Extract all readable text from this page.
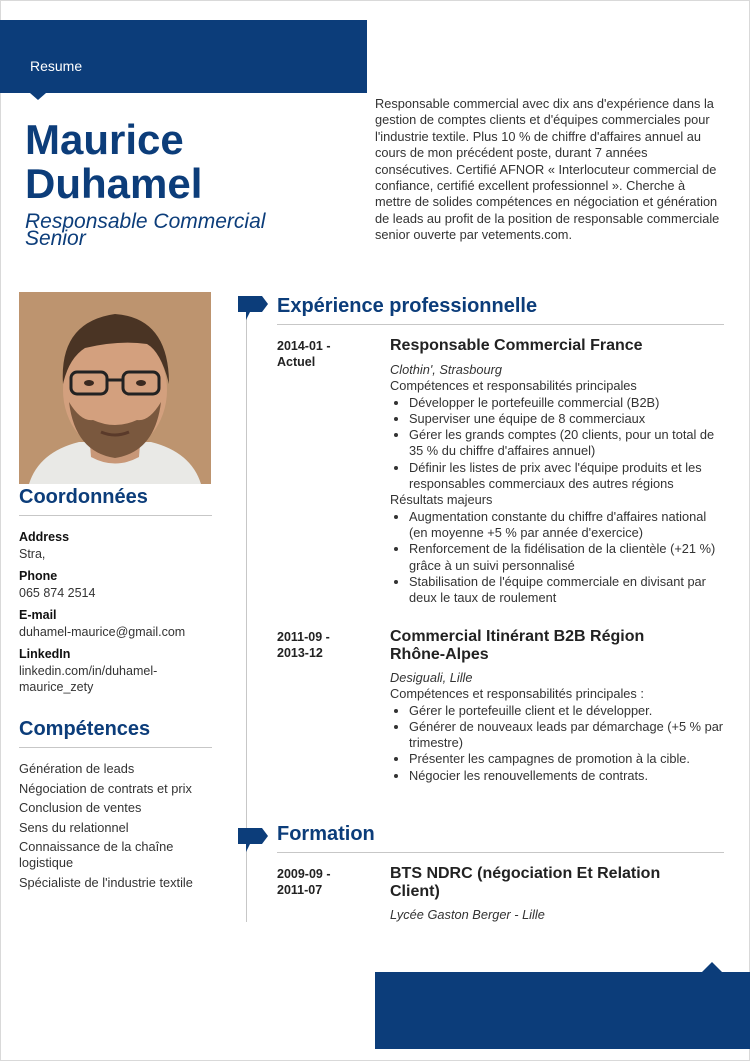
Resume
Maurice
Duhamel
Responsable Commercial Senior
Responsable commercial avec dix ans d'expérience dans la gestion de comptes clients et d'équipes commerciales pour l'industrie textile. Plus 10 % de chiffre d'affaires annuel au cours de mon précédent poste, durant 7 années consécutives. Certifié AFNOR « Interlocuteur commercial de confiance, certifié excellent professionnel ». Cherche à mettre de solides compétences en négociation et génération de leads au profit de la position de responsable commerciale senior ouverte par vetements.com.
Coordonnées
Address
Stra,
Phone
065 874 2514
E-mail
duhamel-maurice@gmail.com
LinkedIn
linkedin.com/in/duhamel-maurice_zety
Compétences
Génération de leads
Négociation de contrats et prix
Conclusion de ventes
Sens du relationnel
Connaissance de la chaîne logistique
Spécialiste de l'industrie textile
Expérience professionnelle
2014-01 - Actuel
Responsable Commercial France
Clothin', Strasbourg
Compétences et responsabilités principales
• Développer le portefeuille commercial (B2B)
• Superviser une équipe de 8 commerciaux
• Gérer les grands comptes (20 clients, pour un total de 35 % du chiffre d'affaires annuel)
• Définir les listes de prix avec l'équipe produits et les responsables commerciaux des autres régions
Résultats majeurs
• Augmentation constante du chiffre d'affaires national (en moyenne +5 % par année d'exercice)
• Renforcement de la fidélisation de la clientèle (+21 %) grâce à un suivi personnalisé
• Stabilisation de l'équipe commerciale en divisant par deux le taux de roulement
2011-09 - 2013-12
Commercial Itinérant B2B Région Rhône-Alpes
Desiguali, Lille
Compétences et responsabilités principales :
• Gérer le portefeuille client et le développer.
• Générer de nouveaux leads par démarchage (+5 % par trimestre)
• Présenter les campagnes de promotion à la cible.
• Négocier les renouvellements de contrats.
Formation
2009-09 - 2011-07
BTS NDRC (négociation Et Relation Client)
Lycée Gaston Berger - Lille
